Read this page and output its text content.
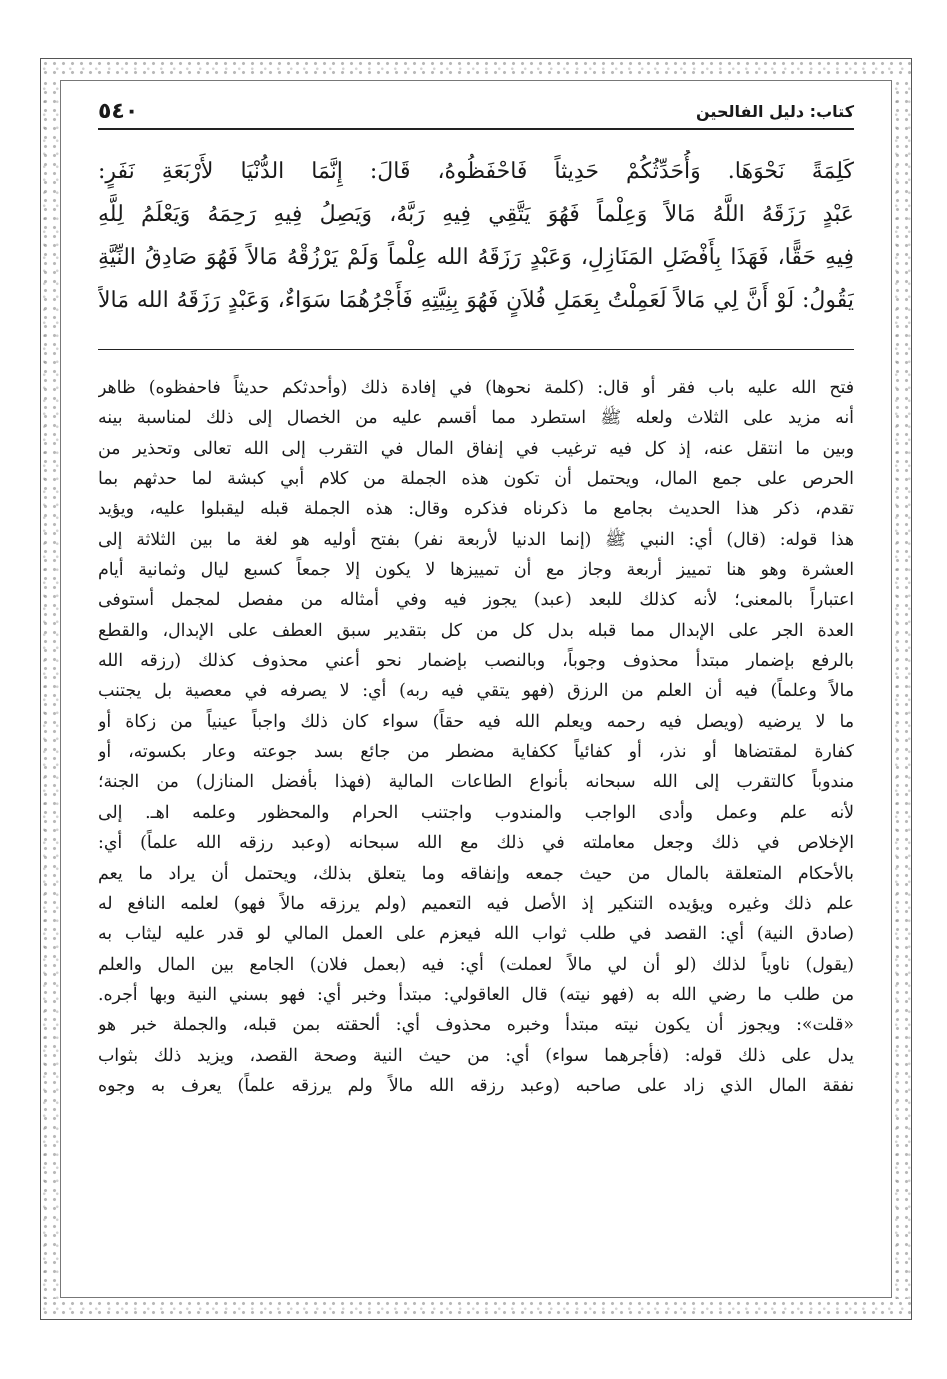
كتاب: دليل الفالحين
٥٤٠

كَلِمَةً نَحْوَهَا. وَأُحَدِّثُكُمْ حَدِيثاً فَاحْفَظُوهُ، قَالَ: إِنَّمَا الدُّنْيَا لأَرْبَعَةِ نَفَرٍ:

عَبْدٍ رَزَقَهُ اللَّهُ مَالاً وَعِلْماً فَهُوَ يَتَّقِي فِيهِ رَبَّهُ، وَيَصِلُ فِيهِ رَحِمَهُ وَيَعْلَمُ لِلَّهِ

فِيهِ حَقًّا، فَهَذَا بِأَفْضَلِ المَنَازِلِ، وَعَبْدٍ رَزَقَهُ الله عِلْماً وَلَمْ يَرْزُقْهُ مَالاً فَهُوَ صَادِقُ النِّيَّةِ

يَقُولُ: لَوْ أَنَّ لِي مَالاً لَعَمِلْتُ بِعَمَلِ فُلاَنٍ فَهُوَ بِنِيَّتِهِ فَأَجْرُهُمَا سَوَاءٌ، وَعَبْدٍ رَزَقَهُ الله مَالاً

فتح الله عليه باب فقر أو قال: (كلمة نحوها) في إفادة ذلك (وأحدثكم حديثاً فاحفظوه) ظاهر

أنه مزيد على الثلاث ولعله ﷺ استطرد مما أقسم عليه من الخصال إلى ذلك لمناسبة بينه

وبين ما انتقل عنه، إذ كل فيه ترغيب في إنفاق المال في التقرب إلى الله تعالى وتحذير من

الحرص على جمع المال، ويحتمل أن تكون هذه الجملة من كلام أبي كبشة لما حدثهم بما

تقدم، ذكر هذا الحديث بجامع ما ذكرناه فذكره وقال: هذه الجملة قبله ليقبلوا عليه، ويؤيد

هذا قوله: (قال) أي: النبي ﷺ (إنما الدنيا لأربعة نفر) بفتح أوليه هو لغة ما بين الثلاثة إلى

العشرة وهو هنا تمييز أربعة وجاز مع أن تمييزها لا يكون إلا جمعاً كسبع ليال وثمانية أيام

اعتباراً بالمعنى؛ لأنه كذلك للبعد (عبد) يجوز فيه وفي أمثاله من مفصل لمجمل أستوفى

العدة الجر على الإبدال مما قبله بدل كل من كل بتقدير سبق العطف على الإبدال، والقطع

بالرفع بإضمار مبتدأ محذوف وجوباً، وبالنصب بإضمار نحو أعني محذوف كذلك (رزقه الله

مالاً وعلماً) فيه أن العلم من الرزق (فهو يتقي فيه ربه) أي: لا يصرفه في معصية بل يجتنب

ما لا يرضيه (ويصل فيه رحمه ويعلم الله فيه حقاً) سواء كان ذلك واجباً عينياً من زكاة أو

كفارة لمقتضاها أو نذر، أو كفائياً ككفاية مضطر من جائع بسد جوعته وعار بكسوته، أو

مندوباً كالتقرب إلى الله سبحانه بأنواع الطاعات المالية (فهذا بأفضل المنازل) من الجنة؛

لأنه علم وعمل وأدى الواجب والمندوب واجتنب الحرام والمحظور وعلمه اهـ. إلى

الإخلاص في ذلك وجعل معاملته في ذلك مع الله سبحانه (وعبد رزقه الله علماً) أي:

بالأحكام المتعلقة بالمال من حيث جمعه وإنفاقه وما يتعلق بذلك، ويحتمل أن يراد ما يعم

علم ذلك وغيره ويؤيده التنكير إذ الأصل فيه التعميم (ولم يرزقه مالاً فهو) لعلمه النافع له

(صادق النية) أي: القصد في طلب ثواب الله فيعزم على العمل المالي لو قدر عليه ليثاب به

(يقول) ناوياً لذلك (لو أن لي مالاً لعملت) أي: فيه (بعمل فلان) الجامع بين المال والعلم

من طلب ما رضي الله به (فهو نيته) قال العاقولي: مبتدأ وخبر أي: فهو بسني النية وبها أجره.

«قلت»: ويجوز أن يكون نيته مبتدأ وخبره محذوف أي: ألحقته بمن قبله، والجملة خبر هو

يدل على ذلك قوله: (فأجرهما سواء) أي: من حيث النية وصحة القصد، ويزيد ذلك بثواب

نفقة المال الذي زاد على صاحبه (وعبد رزقه الله مالاً ولم يرزقه علماً) يعرف به وجوه
